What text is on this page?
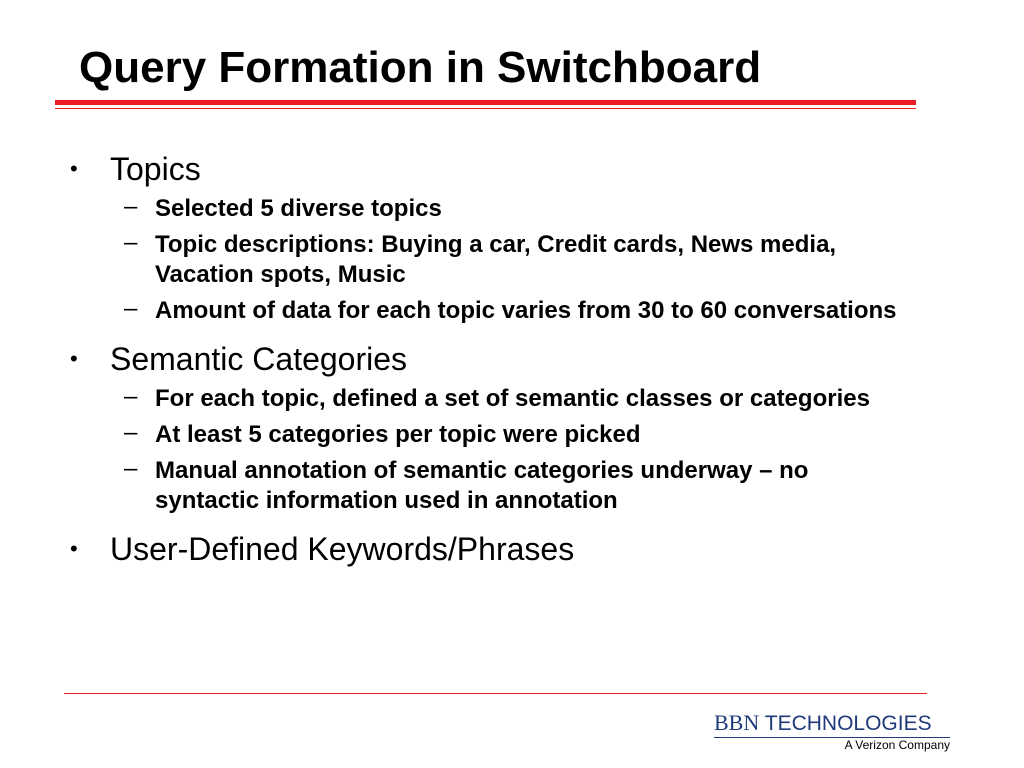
Query Formation in Switchboard
•	Topics
– Selected 5 diverse topics
– Topic descriptions: Buying a car, Credit cards, News media, Vacation spots, Music
– Amount of data for each topic varies from 30 to 60 conversations
•	Semantic Categories
– For each topic, defined a set of semantic classes or categories
– At least 5 categories per topic were picked
– Manual annotation of semantic categories underway – no syntactic information used in annotation
•	User-Defined Keywords/Phrases
BBN TECHNOLOGIES
A Verizon Company
